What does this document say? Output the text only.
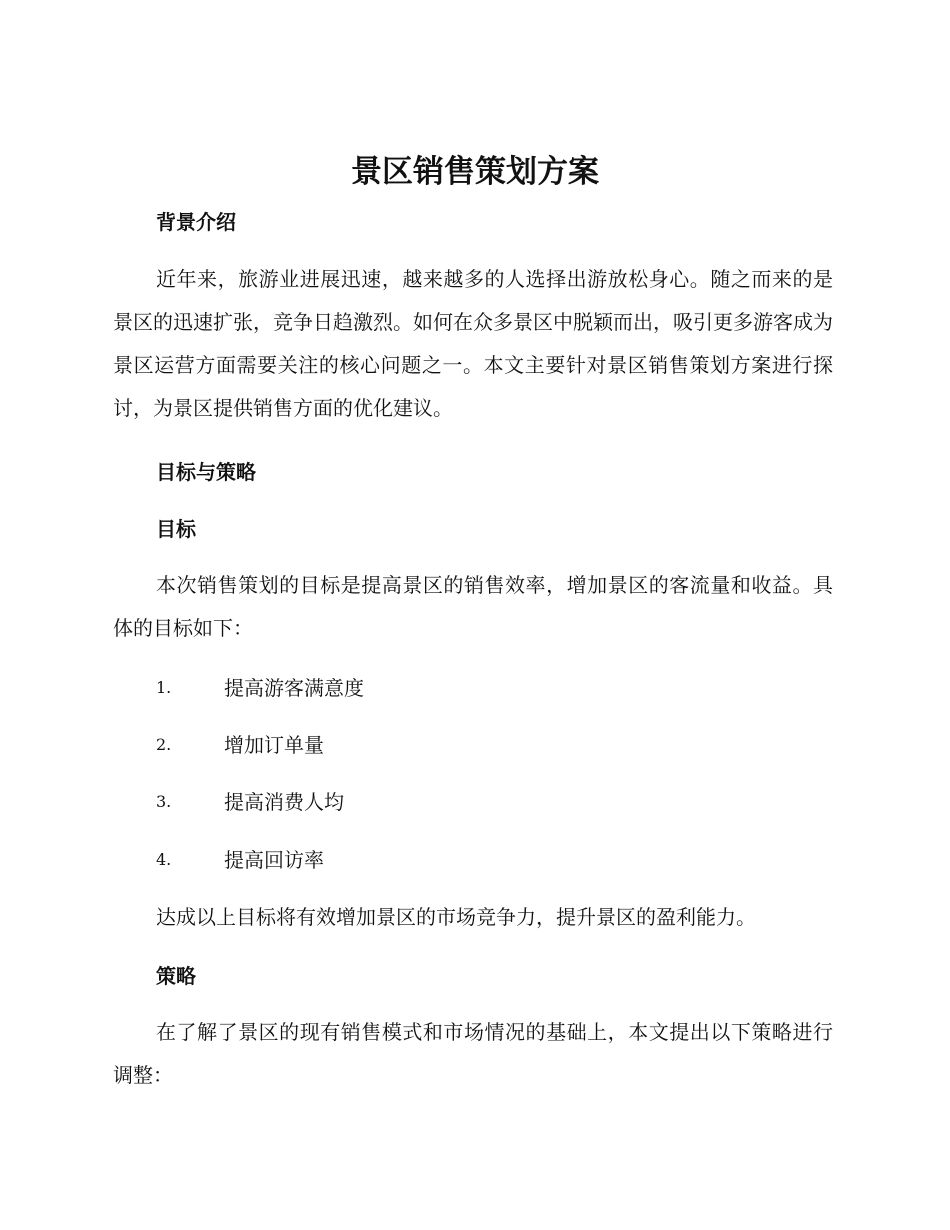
景区销售策划方案
背景介绍

近年来，旅游业进展迅速，越来越多的人选择出游放松身心。随之而来的是景区的迅速扩张，竞争日趋激烈。如何在众多景区中脱颖而出，吸引更多游客成为景区运营方面需要关注的核心问题之一。本文主要针对景区销售策划方案进行探讨，为景区提供销售方面的优化建议。

目标与策略
目标

本次销售策划的目标是提高景区的销售效率，增加景区的客流量和收益。具体的目标如下：

1.	提高游客满意度
2.	增加订单量
3.	提高消费人均
4.	提高回访率

达成以上目标将有效增加景区的市场竞争力，提升景区的盈利能力。

策略

在了解了景区的现有销售模式和市场情况的基础上，本文提出以下策略进行调整：
